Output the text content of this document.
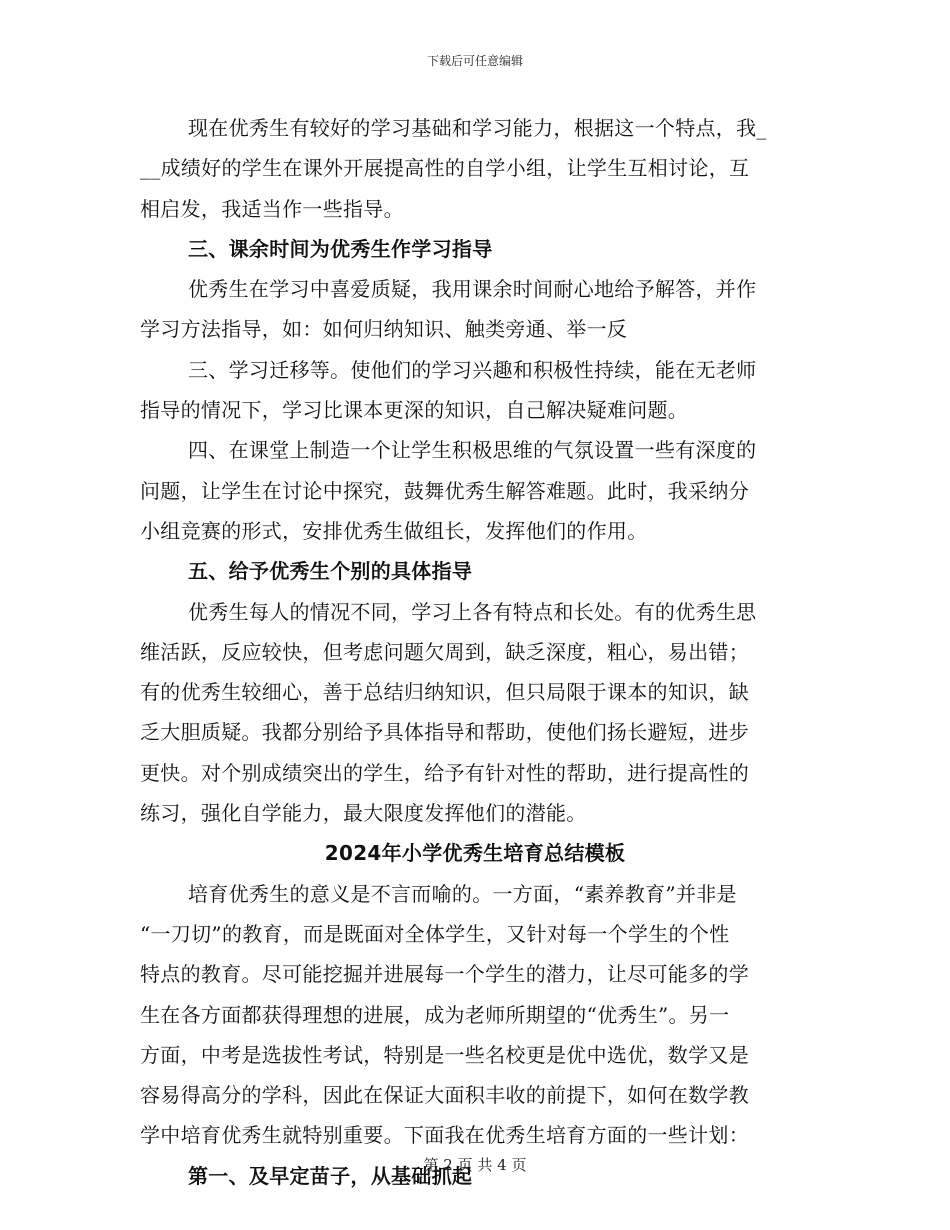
下载后可任意编辑
现在优秀生有较好的学习基础和学习能力，根据这一个特点，我_
__成绩好的学生在课外开展提高性的自学小组，让学生互相讨论，互
相启发，我适当作一些指导。
三、课余时间为优秀生作学习指导
优秀生在学习中喜爱质疑，我用课余时间耐心地给予解答，并作
学习方法指导，如：如何归纳知识、触类旁通、举一反
三、学习迁移等。使他们的学习兴趣和积极性持续，能在无老师
指导的情况下，学习比课本更深的知识，自己解决疑难问题。
四、在课堂上制造一个让学生积极思维的气氛设置一些有深度的
问题，让学生在讨论中探究，鼓舞优秀生解答难题。此时，我采纳分
小组竞赛的形式，安排优秀生做组长，发挥他们的作用。
五、给予优秀生个别的具体指导
优秀生每人的情况不同，学习上各有特点和长处。有的优秀生思
维活跃，反应较快，但考虑问题欠周到，缺乏深度，粗心，易出错；
有的优秀生较细心，善于总结归纳知识，但只局限于课本的知识，缺
乏大胆质疑。我都分别给予具体指导和帮助，使他们扬长避短，进步
更快。对个别成绩突出的学生，给予有针对性的帮助，进行提高性的
练习，强化自学能力，最大限度发挥他们的潜能。
2024年小学优秀生培育总结模板
培育优秀生的意义是不言而喻的。一方面，“素养教育”并非是
“一刀切”的教育，而是既面对全体学生，又针对每一个学生的个性
特点的教育。尽可能挖掘并进展每一个学生的潜力，让尽可能多的学
生在各方面都获得理想的进展，成为老师所期望的“优秀生”。另一
方面，中考是选拔性考试，特别是一些名校更是优中选优，数学又是
容易得高分的学科，因此在保证大面积丰收的前提下，如何在数学教
学中培育优秀生就特别重要。下面我在优秀生培育方面的一些计划：
第一、及早定苗子，从基础抓起
第 2 页 共 4 页
